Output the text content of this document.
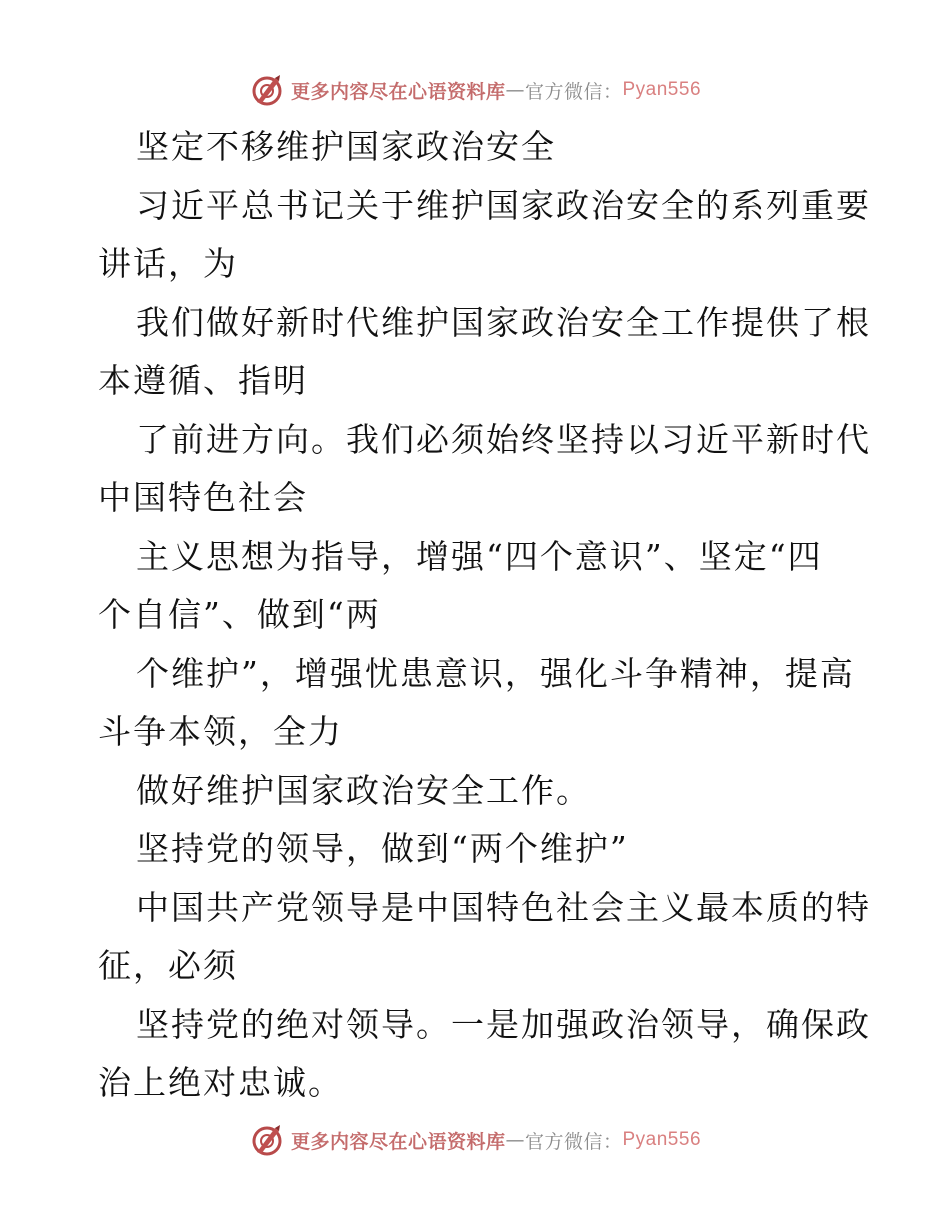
更多内容尽在心语资料库 — 官方微信： Pyan556
坚定不移维护国家政治安全
习近平总书记关于维护国家政治安全的系列重要
讲话，为
我们做好新时代维护国家政治安全工作提供了根
本遵循、指明
了前进方向。我们必须始终坚持以习近平新时代
中国特色社会
主义思想为指导，增强“四个意识”、坚定“四
个自信”、做到“两
个维护”，增强忧患意识，强化斗争精神，提高
斗争本领，全力
做好维护国家政治安全工作。
坚持党的领导，做到“两个维护”
中国共产党领导是中国特色社会主义最本质的特
征，必须
坚持党的绝对领导。一是加强政治领导，确保政
治上绝对忠诚。
更多内容尽在心语资料库 — 官方微信： Pyan556
